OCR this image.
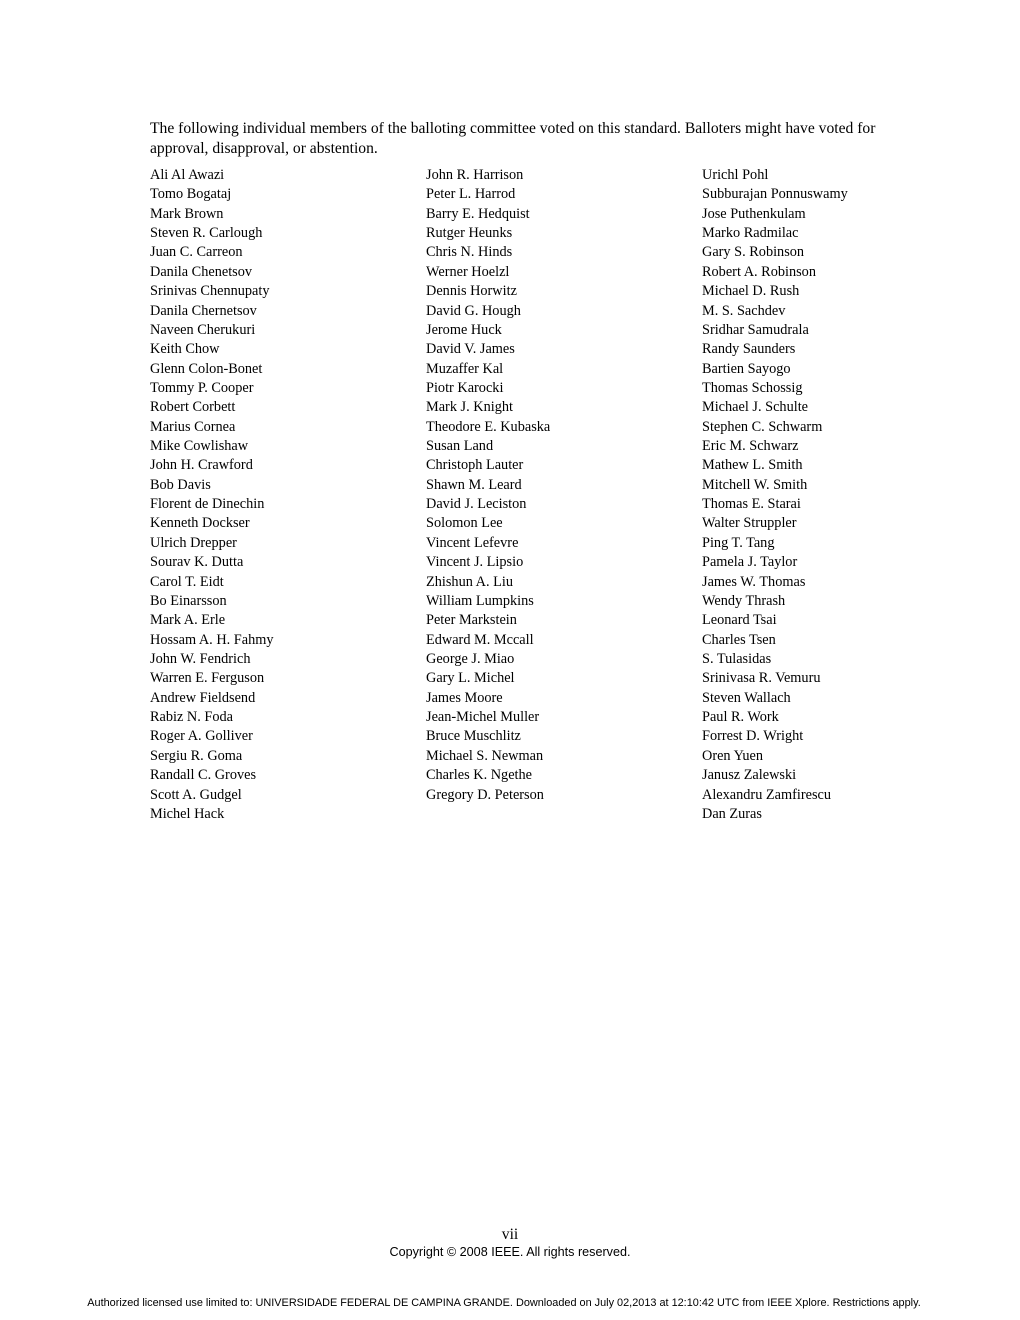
The following individual members of the balloting committee voted on this standard. Balloters might have voted for approval, disapproval, or abstention.
Ali Al Awazi
Tomo Bogataj
Mark Brown
Steven R. Carlough
Juan C. Carreon
Danila Chenetsov
Srinivas Chennupaty
Danila Chernetsov
Naveen Cherukuri
Keith Chow
Glenn Colon-Bonet
Tommy P. Cooper
Robert Corbett
Marius Cornea
Mike Cowlishaw
John H. Crawford
Bob Davis
Florent de Dinechin
Kenneth Dockser
Ulrich Drepper
Sourav K. Dutta
Carol T. Eidt
Bo Einarsson
Mark A. Erle
Hossam A. H. Fahmy
John W. Fendrich
Warren E. Ferguson
Andrew Fieldsend
Rabiz N. Foda
Roger A. Golliver
Sergiu R. Goma
Randall C. Groves
Scott A. Gudgel
Michel Hack
John R. Harrison
Peter L. Harrod
Barry E. Hedquist
Rutger Heunks
Chris N. Hinds
Werner Hoelzl
Dennis Horwitz
David G. Hough
Jerome Huck
David V. James
Muzaffer Kal
Piotr Karocki
Mark J. Knight
Theodore E. Kubaska
Susan Land
Christoph Lauter
Shawn M. Leard
David J. Leciston
Solomon Lee
Vincent Lefevre
Vincent J. Lipsio
Zhishun A. Liu
William Lumpkins
Peter Markstein
Edward M. Mccall
George J. Miao
Gary L. Michel
James Moore
Jean-Michel Muller
Bruce Muschlitz
Michael S. Newman
Charles K. Ngethe
Gregory D. Peterson
Urichl Pohl
Subburajan Ponnuswamy
Jose Puthenkulam
Marko Radmilac
Gary S. Robinson
Robert A. Robinson
Michael D. Rush
M. S. Sachdev
Sridhar Samudrala
Randy Saunders
Bartien Sayogo
Thomas Schossig
Michael J. Schulte
Stephen C. Schwarm
Eric M. Schwarz
Mathew L. Smith
Mitchell W. Smith
Thomas E. Starai
Walter Struppler
Ping T. Tang
Pamela J. Taylor
James W. Thomas
Wendy Thrash
Leonard Tsai
Charles Tsen
S. Tulasidas
Srinivasa R. Vemuru
Steven Wallach
Paul R. Work
Forrest D. Wright
Oren Yuen
Janusz Zalewski
Alexandru Zamfirescu
Dan Zuras
vii
Copyright © 2008 IEEE. All rights reserved.
Authorized licensed use limited to: UNIVERSIDADE FEDERAL DE CAMPINA GRANDE. Downloaded on July 02,2013 at 12:10:42 UTC from IEEE Xplore. Restrictions apply.
